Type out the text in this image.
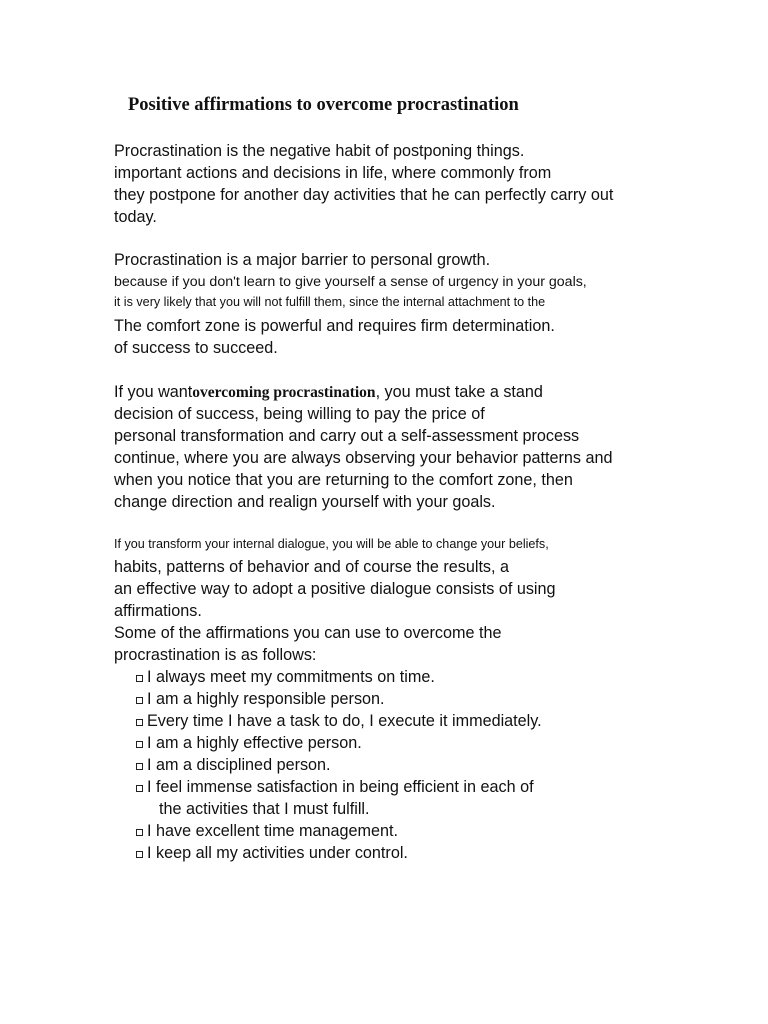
Positive affirmations to overcome procrastination
Procrastination is the negative habit of postponing things.
important actions and decisions in life, where commonly from
they postpone for another day activities that he can perfectly carry out
today.
Procrastination is a major barrier to personal growth.
because if you don't learn to give yourself a sense of urgency in your goals,
it is very likely that you will not fulfill them, since the internal attachment to the
The comfort zone is powerful and requires firm determination.
of success to succeed.
If you wantovercoming procrastination, you must take a stand
decision of success, being willing to pay the price of
personal transformation and carry out a self-assessment process
continue, where you are always observing your behavior patterns and
when you notice that you are returning to the comfort zone, then
change direction and realign yourself with your goals.
If you transform your internal dialogue, you will be able to change your beliefs,
habits, patterns of behavior and of course the results, a
an effective way to adopt a positive dialogue consists of using
affirmations.
Some of the affirmations you can use to overcome the
procrastination is as follows:
I always meet my commitments on time.
I am a highly responsible person.
Every time I have a task to do, I execute it immediately.
I am a highly effective person.
I am a disciplined person.
I feel immense satisfaction in being efficient in each of
the activities that I must fulfill.
I have excellent time management.
I keep all my activities under control.
